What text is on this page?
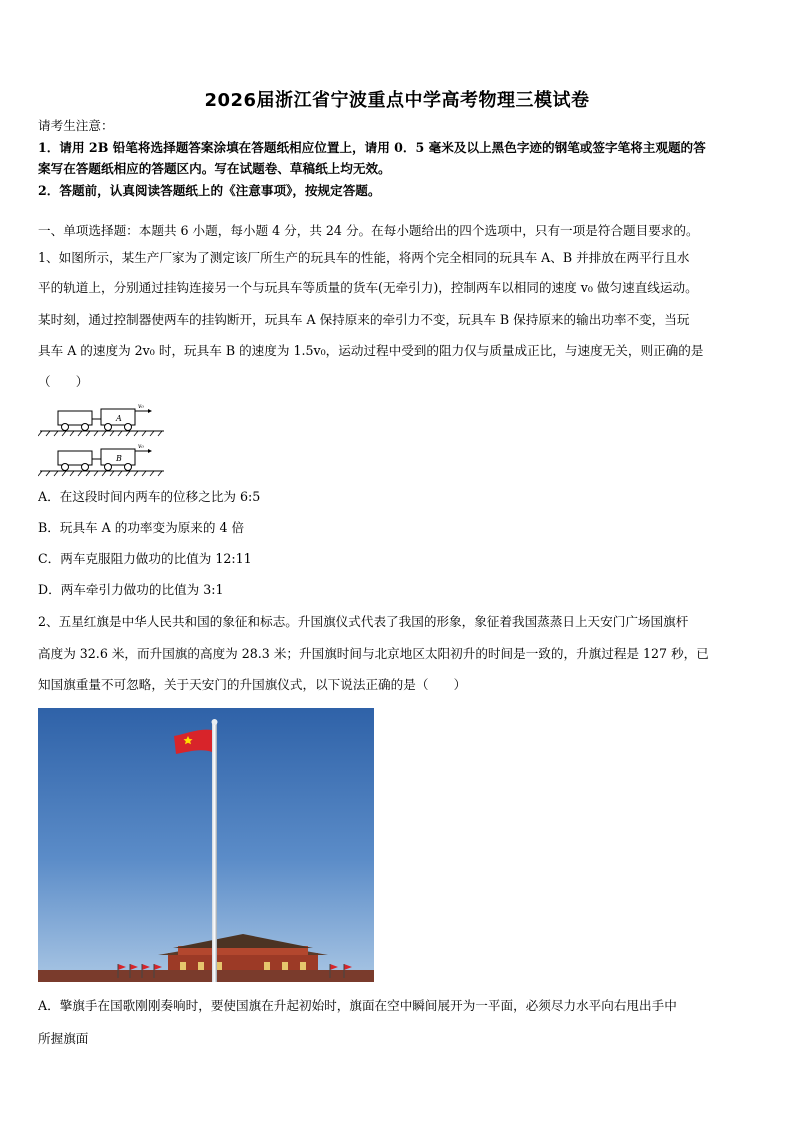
2026届浙江省宁波重点中学高考物理三模试卷
请考生注意：
1．请用 2B 铅笔将选择题答案涂填在答题纸相应位置上，请用 0．5 毫米及以上黑色字迹的钢笔或签字笔将主观题的答
案写在答题纸相应的答题区内。写在试题卷、草稿纸上均无效。
2．答题前，认真阅读答题纸上的《注意事项》，按规定答题。
一、单项选择题：本题共 6 小题，每小题 4 分，共 24 分。在每小题给出的四个选项中，只有一项是符合题目要求的。
1、如图所示，某生产厂家为了测定该厂所生产的玩具车的性能，将两个完全相同的玩具车 A、B 并排放在两平行且水
平的轨道上，分别通过挂钩连接另一个与玩具车等质量的货车(无牵引力)，控制两车以相同的速度 v₀ 做匀速直线运动。
某时刻，通过控制器使两车的挂钩断开，玩具车 A 保持原来的牵引力不变，玩具车 B 保持原来的输出功率不变，当玩
具车 A 的速度为 2v₀ 时，玩具车 B 的速度为 1.5v₀，运动过程中受到的阻力仅与质量成正比，与速度无关，则正确的是
（　　）
A
v₀
B
v₀
A．在这段时间内两车的位移之比为 6:5
B．玩具车 A 的功率变为原来的 4 倍
C．两车克服阻力做功的比值为 12:11
D．两车牵引力做功的比值为 3:1
2、五星红旗是中华人民共和国的象征和标志。升国旗仪式代表了我国的形象，象征着我国蒸蒸日上天安门广场国旗杆
高度为 32.6 米，而升国旗的高度为 28.3 米；升国旗时间与北京地区太阳初升的时间是一致的，升旗过程是 127 秒，已
知国旗重量不可忽略，关于天安门的升国旗仪式，以下说法正确的是（　　）
A．擎旗手在国歌刚刚奏响时，要使国旗在升起初始时，旗面在空中瞬间展开为一平面，必须尽力水平向右甩出手中
所握旗面
